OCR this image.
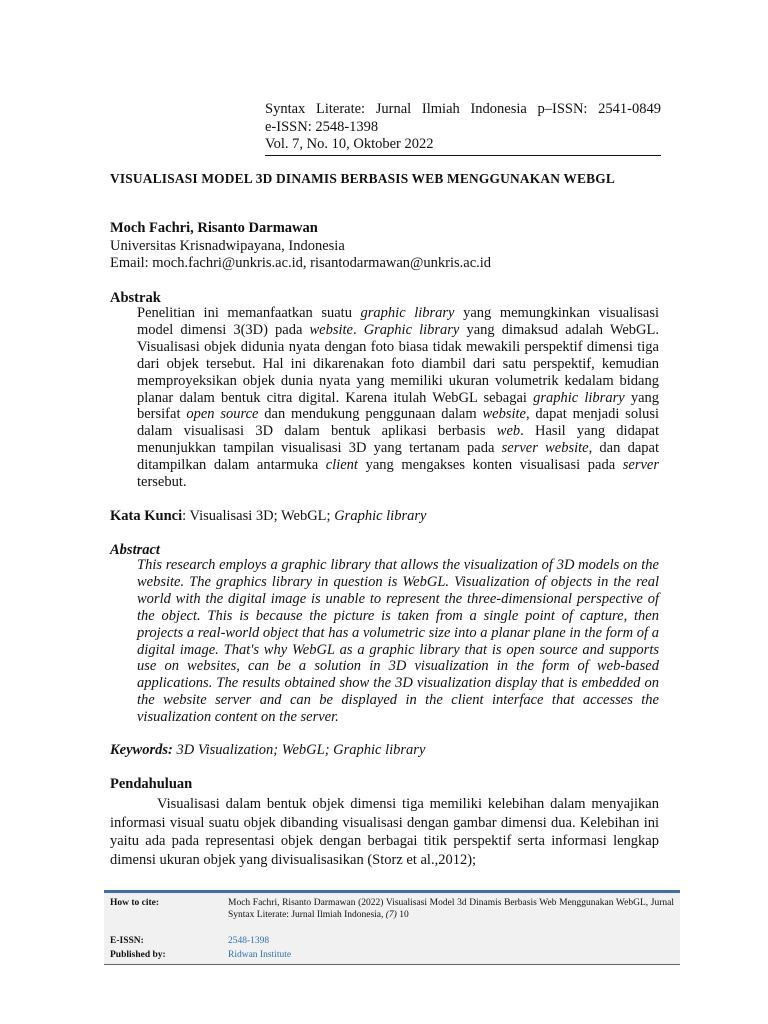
Syntax Literate: Jurnal Ilmiah Indonesia p–ISSN: 2541-0849
e-ISSN: 2548-1398
Vol. 7, No. 10, Oktober 2022
VISUALISASI MODEL 3D DINAMIS BERBASIS WEB MENGGUNAKAN WEBGL
Moch Fachri, Risanto Darmawan
Universitas Krisnadwipayana, Indonesia
Email: moch.fachri@unkris.ac.id, risantodarmawan@unkris.ac.id
Abstrak
Penelitian ini memanfaatkan suatu graphic library yang memungkinkan visualisasi model dimensi 3(3D) pada website. Graphic library yang dimaksud adalah WebGL. Visualisasi objek didunia nyata dengan foto biasa tidak mewakili perspektif dimensi tiga dari objek tersebut. Hal ini dikarenakan foto diambil dari satu perspektif, kemudian memproyeksikan objek dunia nyata yang memiliki ukuran volumetrik kedalam bidang planar dalam bentuk citra digital. Karena itulah WebGL sebagai graphic library yang bersifat open source dan mendukung penggunaan dalam website, dapat menjadi solusi dalam visualisasi 3D dalam bentuk aplikasi berbasis web. Hasil yang didapat menunjukkan tampilan visualisasi 3D yang tertanam pada server website, dan dapat ditampilkan dalam antarmuka client yang mengakses konten visualisasi pada server tersebut.
Kata Kunci: Visualisasi 3D; WebGL; Graphic library
Abstract
This research employs a graphic library that allows the visualization of 3D models on the website. The graphics library in question is WebGL. Visualization of objects in the real world with the digital image is unable to represent the three-dimensional perspective of the object. This is because the picture is taken from a single point of capture, then projects a real-world object that has a volumetric size into a planar plane in the form of a digital image. That's why WebGL as a graphic library that is open source and supports use on websites, can be a solution in 3D visualization in the form of web-based applications. The results obtained show the 3D visualization display that is embedded on the website server and can be displayed in the client interface that accesses the visualization content on the server.
Keywords: 3D Visualization; WebGL; Graphic library
Pendahuluan
Visualisasi dalam bentuk objek dimensi tiga memiliki kelebihan dalam menyajikan informasi visual suatu objek dibanding visualisasi dengan gambar dimensi dua. Kelebihan ini yaitu ada pada representasi objek dengan berbagai titik perspektif serta informasi lengkap dimensi ukuran objek yang divisualisasikan (Storz et al.,2012);
How to cite:	Moch Fachri, Risanto Darmawan (2022) Visualisasi Model 3d Dinamis Berbasis Web Menggunakan WebGL, Jurnal Syntax Literate: Jurnal Ilmiah Indonesia, (7) 10
E-ISSN:	2548-1398
Published by:	Ridwan Institute
